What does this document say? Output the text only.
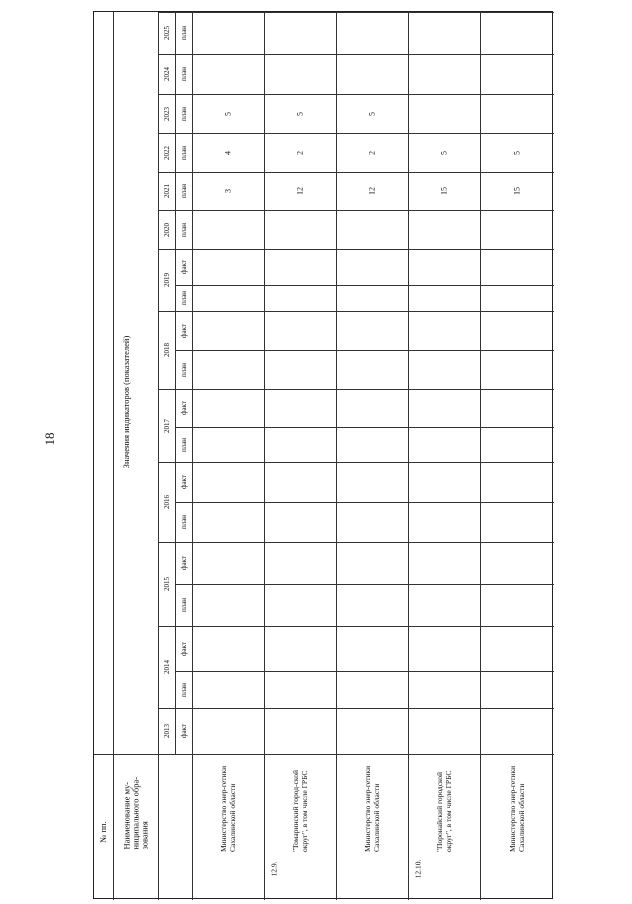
18
№ пп. Наименование му-ниципального обра-зования
Значения индикаторов (показателей)
2013 факт
2014
план
факт
2015
план
факт
2016
план
факт
2017
план
факт
2018
план
факт
2019
план
факт
2020 план
2021 план
2022 план
2023 план
2024 план
2025 план
Министерство энер-гетики Сахалинской области
3
4
5
12.9.
"Томаринский город-ской округ", в том числе ГРБС
12
2
5
Министерство энер-гетики Сахалинской области
12
2
5
12.10.
"Поронайский городской округ", в том числе ГРБС
15
5
Министерство энер-гетики Сахалинской области
15
5
